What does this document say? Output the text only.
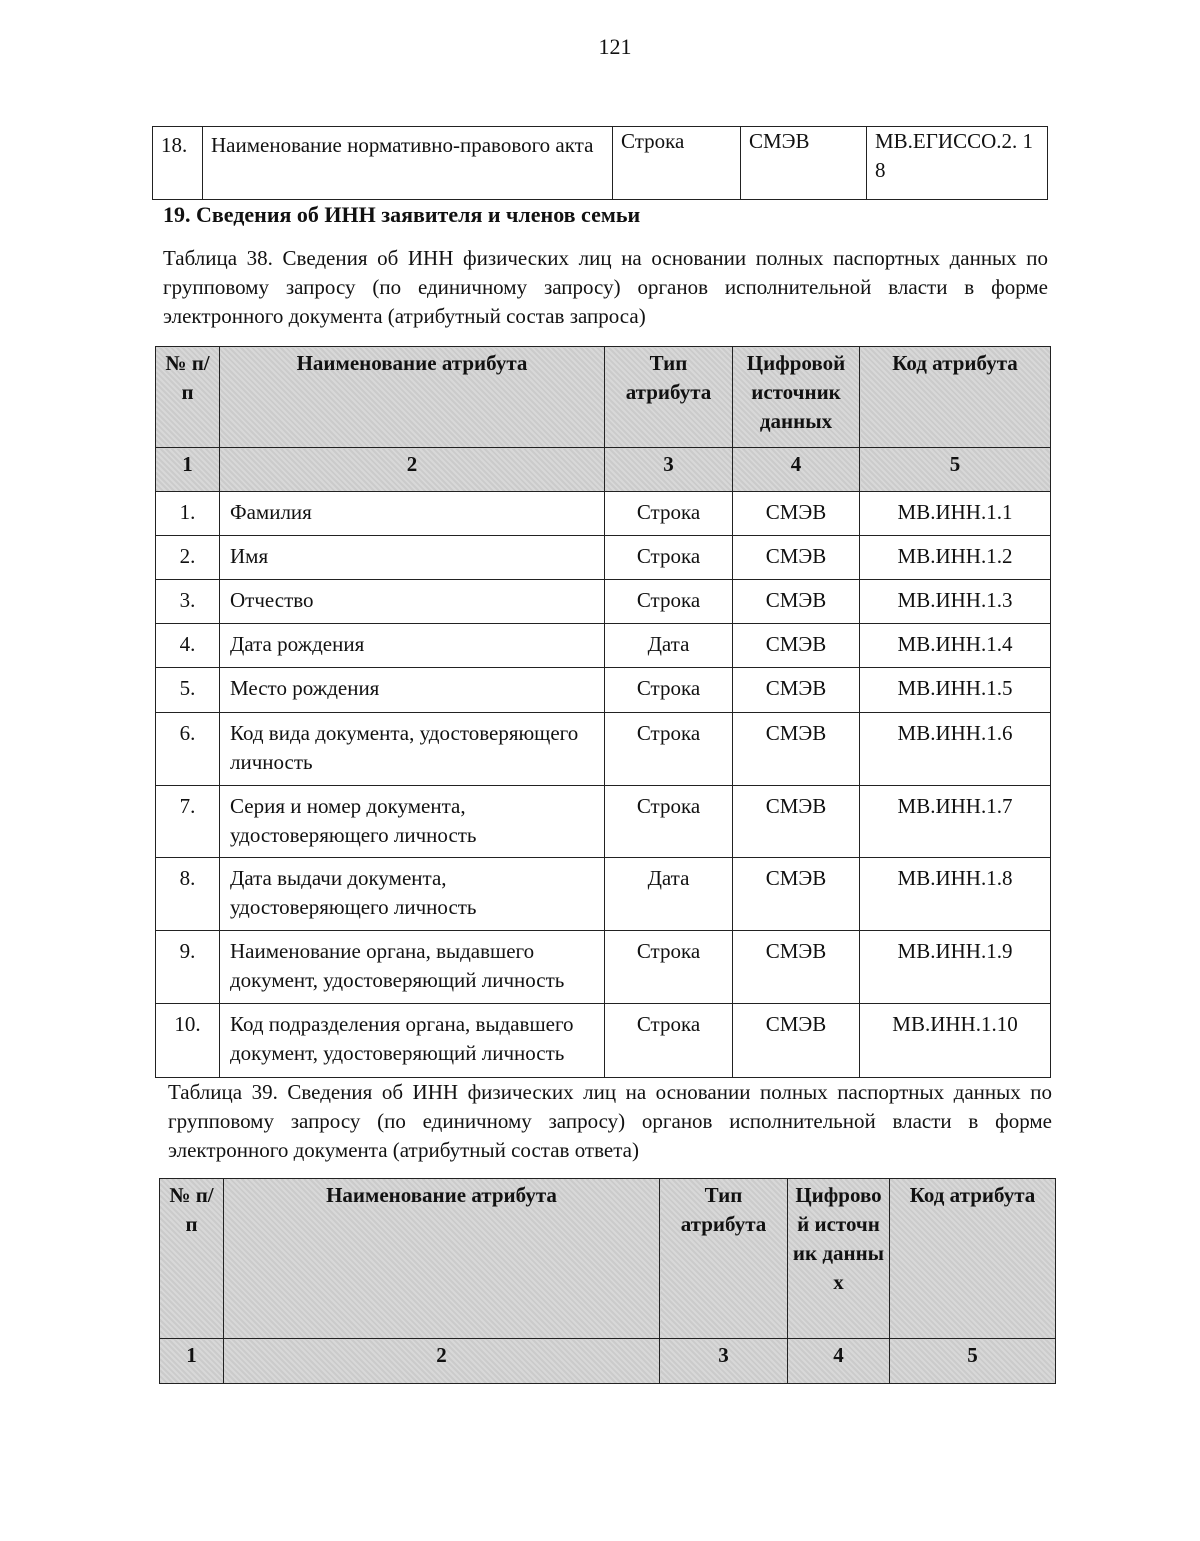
121
18.	Наименование нормативно-правового акта	Строка	СМЭВ	МВ.ЕГИССО.2. 18
19. Сведения об ИНН заявителя и членов семьи
Таблица 38. Сведения об ИНН физических лиц на основании полных паспортных данных по групповому запросу (по единичному запросу) органов исполнительной власти в форме электронного документа (атрибутный состав запроса)
№ п/п	Наименование атрибута	Тип атрибута	Цифровой источник данных	Код атрибута
1	2	3	4	5
1.	Фамилия	Строка	СМЭВ	МВ.ИНН.1.1
2.	Имя	Строка	СМЭВ	МВ.ИНН.1.2
3.	Отчество	Строка	СМЭВ	МВ.ИНН.1.3
4.	Дата рождения	Дата	СМЭВ	МВ.ИНН.1.4
5.	Место рождения	Строка	СМЭВ	МВ.ИНН.1.5
6.	Код вида документа, удостоверяющего личность	Строка	СМЭВ	МВ.ИНН.1.6
7.	Серия и номер документа, удостоверяющего личность	Строка	СМЭВ	МВ.ИНН.1.7
8.	Дата выдачи документа, удостоверяющего личность	Дата	СМЭВ	МВ.ИНН.1.8
9.	Наименование органа, выдавшего документ, удостоверяющий личность	Строка	СМЭВ	МВ.ИНН.1.9
10.	Код подразделения органа, выдавшего документ, удостоверяющий личность	Строка	СМЭВ	МВ.ИНН.1.10
Таблица 39. Сведения об ИНН физических лиц на основании полных паспортных данных по групповому запросу (по единичному запросу) органов исполнительной власти в форме электронного документа (атрибутный состав ответа)
№ п/п	Наименование атрибута	Тип атрибута	Цифровой источник данных	Код атрибута
1	2	3	4	5
